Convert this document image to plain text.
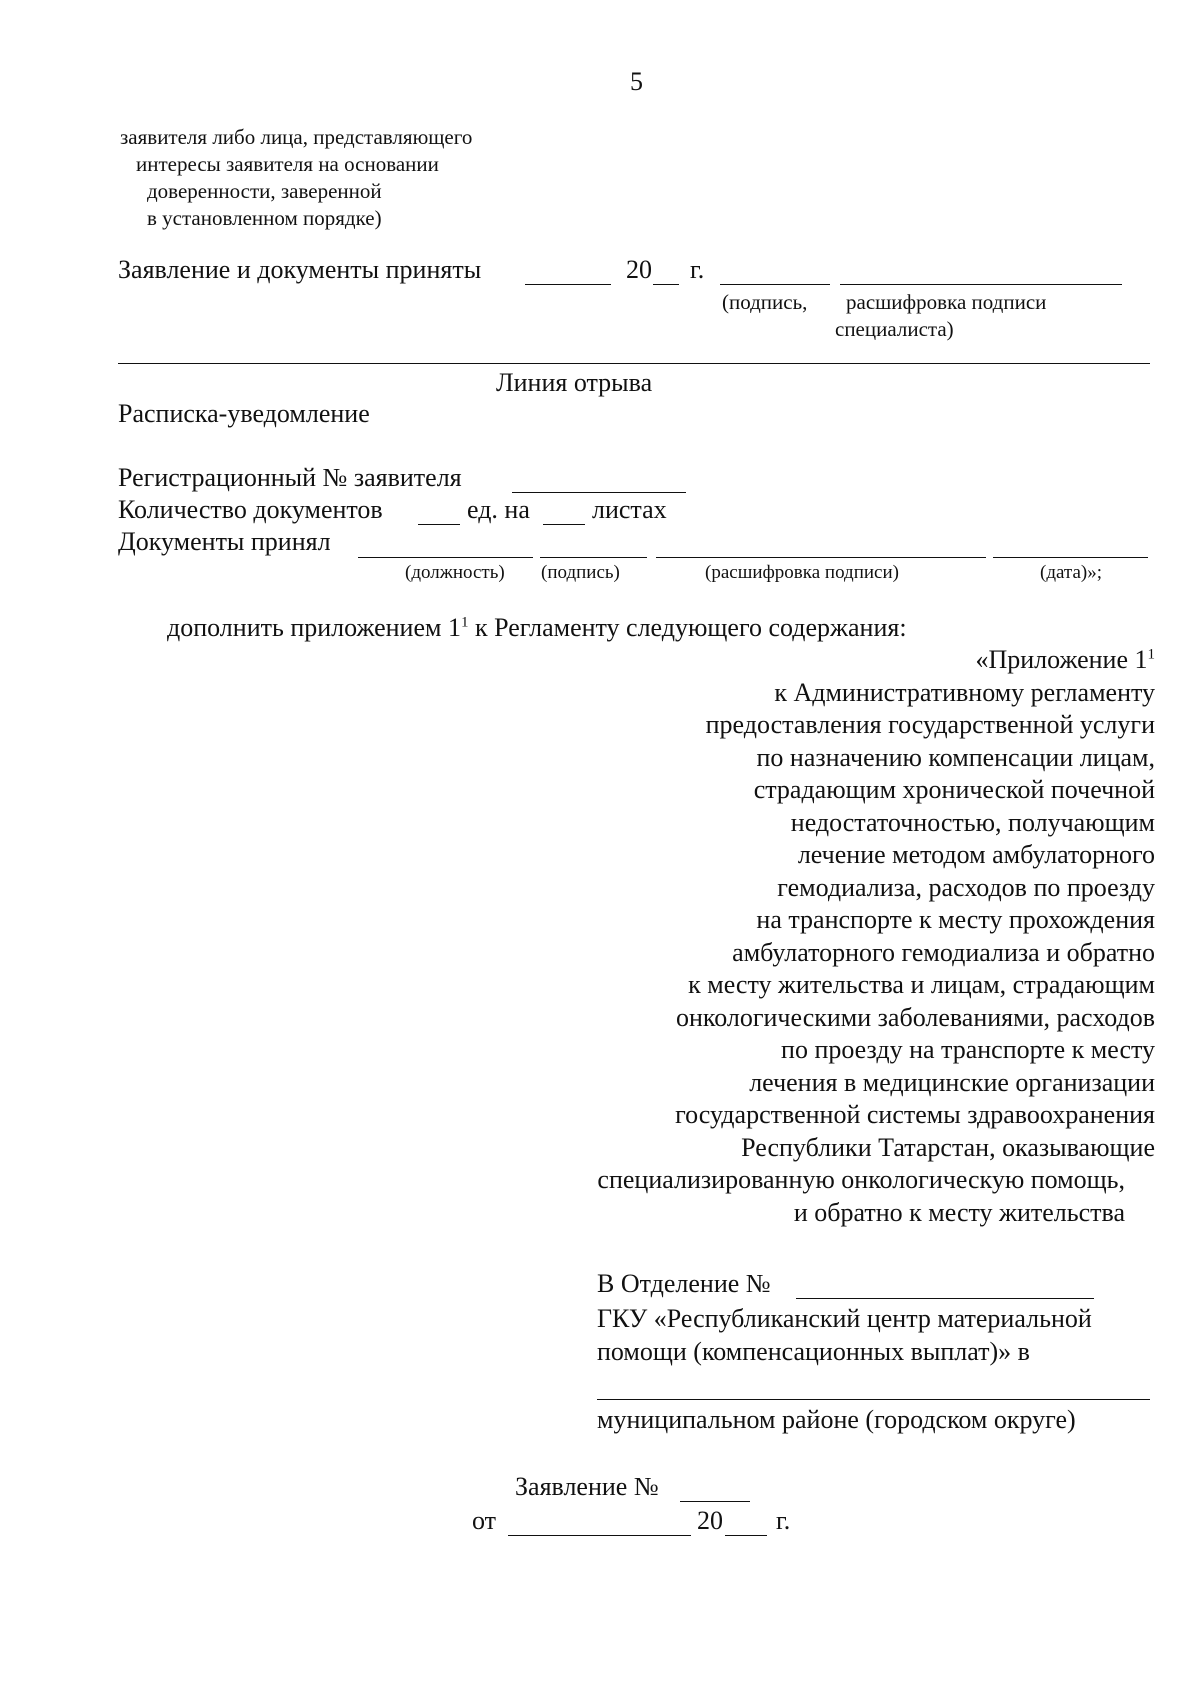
5
заявителя либо лица, представляющего
интересы заявителя на основании
доверенности, заверенной
в установленном порядке)
Заявление и документы приняты	20 г.
(подпись, расшифровка подписи
специалиста)
Линия отрыва
Расписка-уведомление
Регистрационный № заявителя
Количество документов	ед. на листах
Документы принял
(должность) (подпись)	(расшифровка подписи)	(дата)»;
дополнить приложением $1^1$ к Регламенту следующего содержания:
«Приложение $1^1$
к Административному регламенту
предоставления государственной услуги
по назначению компенсации лицам,
страдающим хронической почечной
недостаточностью, получающим
лечение методом амбулаторного
гемодиализа, расходов по проезду
на транспорте к месту прохождения
амбулаторного гемодиализа и обратно
к месту жительства и лицам, страдающим
онкологическими заболеваниями, расходов
по проезду на транспорте к месту
лечения в медицинские организации
государственной системы здравоохранения
Республики Татарстан, оказывающие
специализированную онкологическую помощь,
и обратно к месту жительства
В Отделение №
ГКУ «Республиканский центр материальной
помощи (компенсационных выплат)» в
муниципальном районе (городском округе)
Заявление №
от	20 г.
